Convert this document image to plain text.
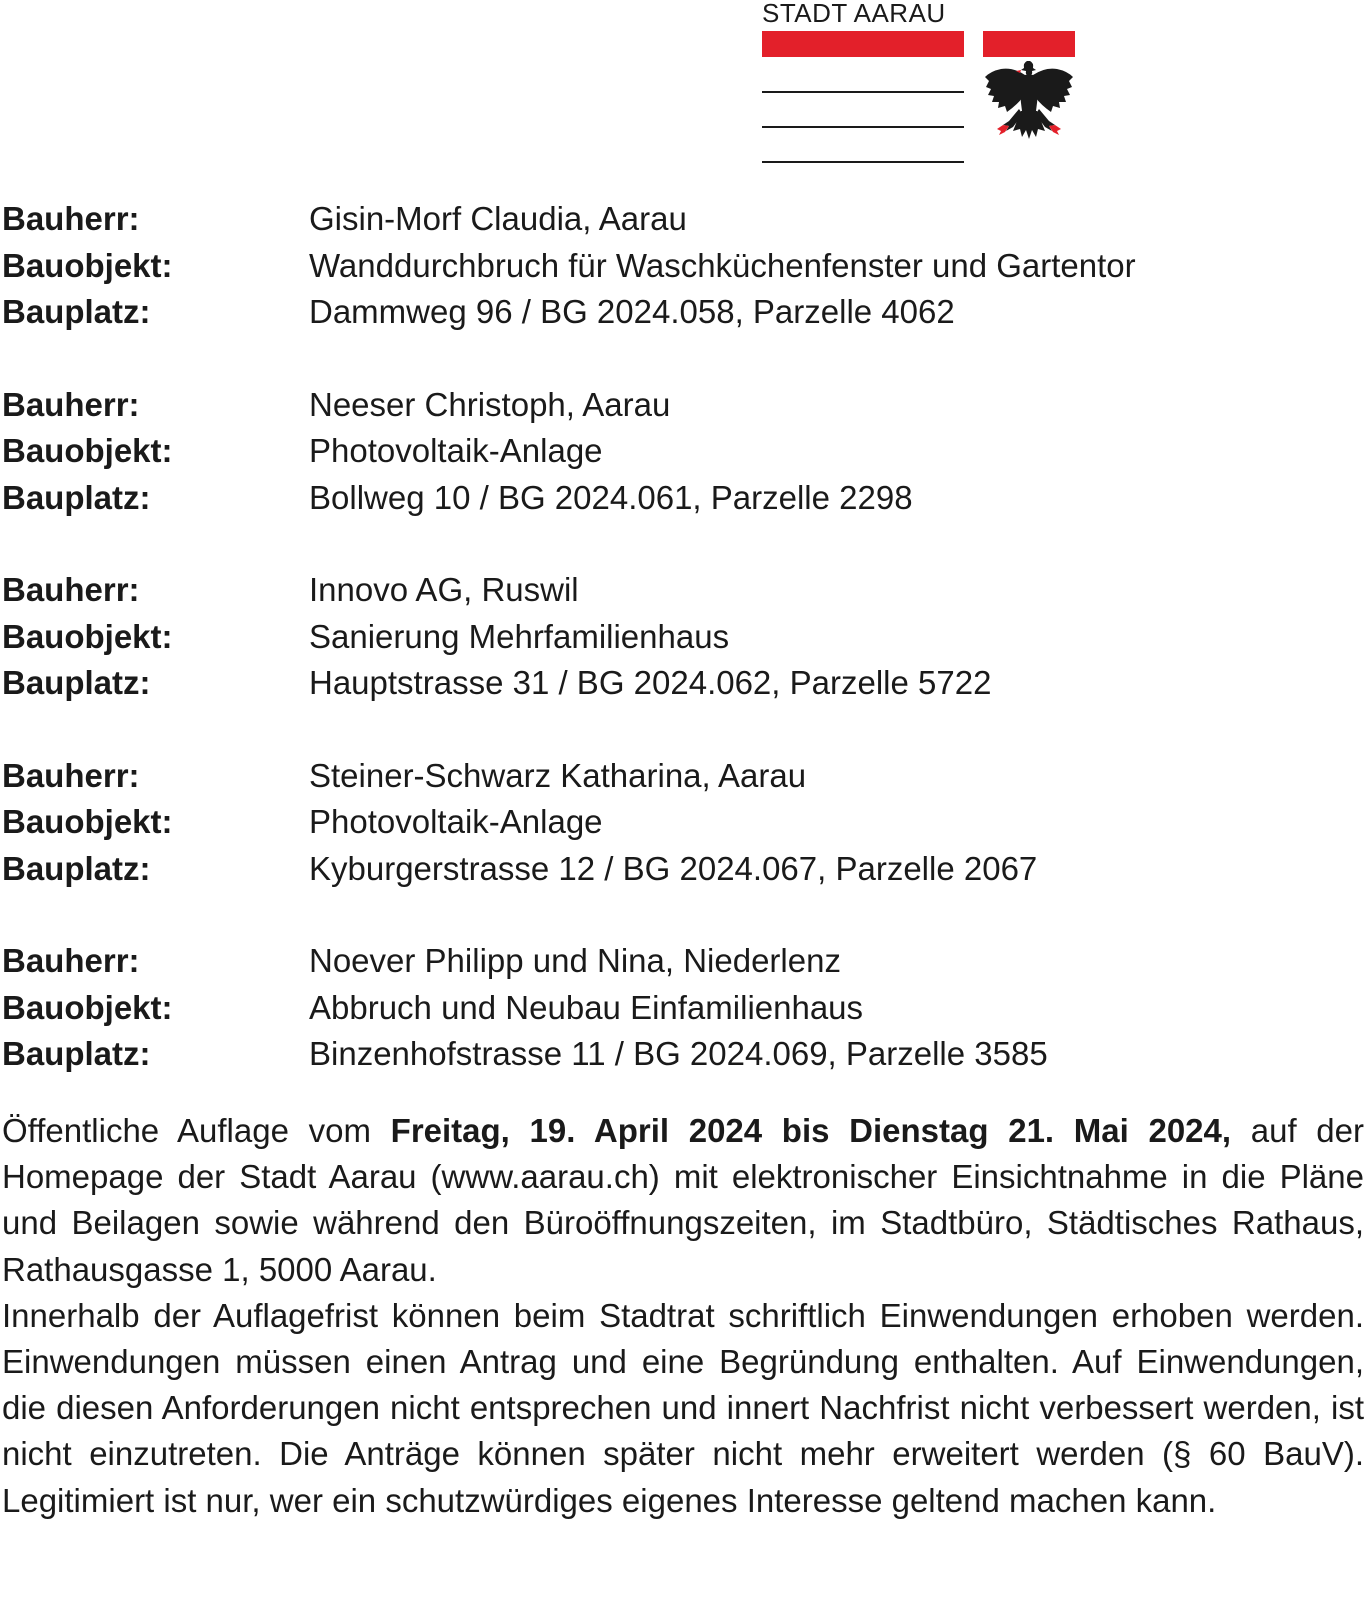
STADT AARAU
Bauherr:	Gisin-Morf Claudia, Aarau
Bauobjekt:	Wanddurchbruch für Waschküchenfenster und Gartentor
Bauplatz:	Dammweg 96 / BG 2024.058, Parzelle 4062
Bauherr:	Neeser Christoph, Aarau
Bauobjekt:	Photovoltaik-Anlage
Bauplatz:	Bollweg 10 / BG 2024.061, Parzelle 2298
Bauherr:	Innovo AG, Ruswil
Bauobjekt:	Sanierung Mehrfamilienhaus
Bauplatz:	Hauptstrasse 31 / BG 2024.062, Parzelle 5722
Bauherr:	Steiner-Schwarz Katharina, Aarau
Bauobjekt:	Photovoltaik-Anlage
Bauplatz:	Kyburgerstrasse 12 / BG 2024.067, Parzelle 2067
Bauherr:	Noever Philipp und Nina, Niederlenz
Bauobjekt:	Abbruch und Neubau Einfamilienhaus
Bauplatz:	Binzenhofstrasse 11 / BG 2024.069, Parzelle 3585

Öffentliche Auflage vom Freitag, 19. April 2024 bis Dienstag 21. Mai 2024, auf der Homepage der Stadt Aarau (www.aarau.ch) mit elektronischer Einsichtnahme in die Pläne und Beilagen sowie während den Büroöffnungszeiten, im Stadtbüro, Städtisches Rathaus, Rathausgasse 1, 5000 Aarau.

Innerhalb der Auflagefrist können beim Stadtrat schriftlich Einwendungen erhoben werden. Einwendungen müssen einen Antrag und eine Begründung enthalten. Auf Einwendungen, die diesen Anforderungen nicht entsprechen und innert Nachfrist nicht verbessert werden, ist nicht einzutreten. Die Anträge können später nicht mehr erweitert werden (§ 60 BauV). Legitimiert ist nur, wer ein schutzwürdiges eigenes Interesse geltend machen kann.
